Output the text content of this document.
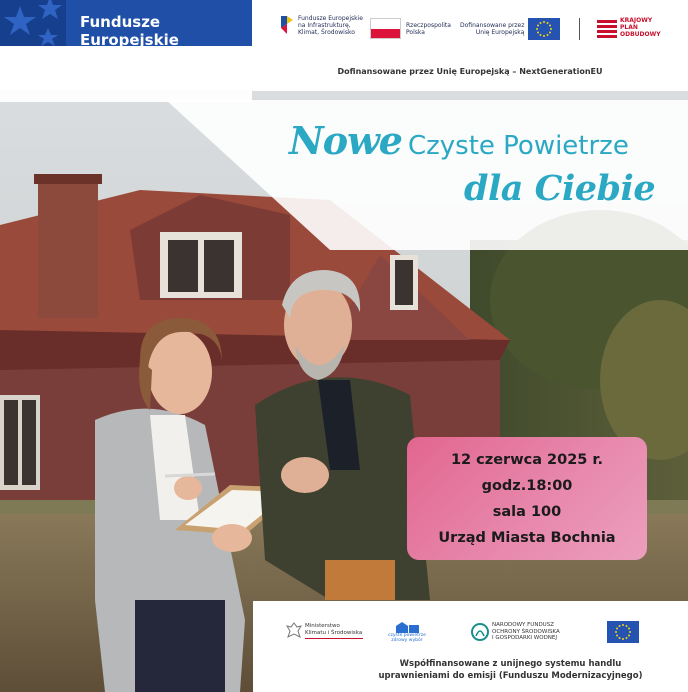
Fundusze Europejskie
Fundusze Europejskie
na Infrastrukturę,
Klimat, Środowisko
Rzeczpospolita
Polska
Dofinansowane przez
Unię Europejską
KRAJOWY
PLAN
ODBUDOWY
Dofinansowane przez Unię Europejską – NextGenerationEU
Nowe Czyste Powietrze
dla Ciebie
12 czerwca 2025 r.
godz.18:00
sala 100
Urząd Miasta Bochnia
Ministerstwo
Klimatu i Środowiska	czyste powietrze
zdrowy wybór
NARODOWY FUNDUSZ
OCHRONY ŚRODOWISKA
I GOSPODARKI WODNEJ
Współfinansowane z unijnego systemu handlu
uprawnieniami do emisji (Funduszu Modernizacyjnego)
